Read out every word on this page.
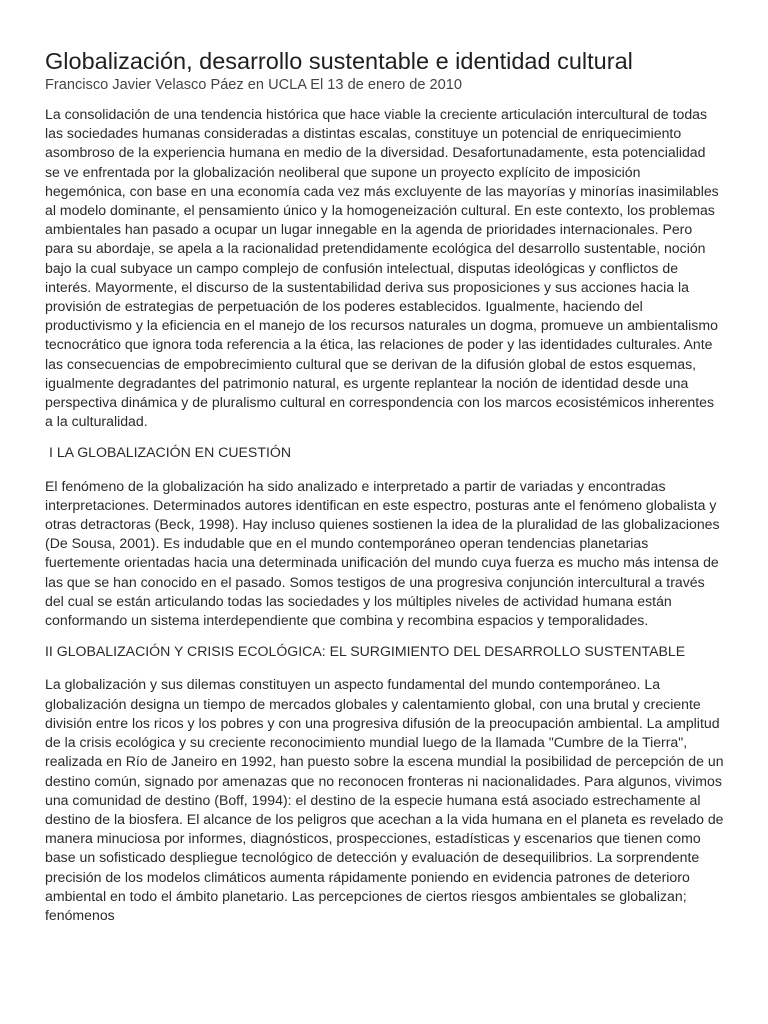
Globalización, desarrollo sustentable e identidad cultural
Francisco Javier Velasco Páez en UCLA El 13 de enero de 2010

La consolidación de una tendencia histórica que hace viable la creciente articulación intercultural de todas las sociedades humanas consideradas a distintas escalas, constituye un potencial de enriquecimiento asombroso de la experiencia humana en medio de la diversidad. Desafortunadamente, esta potencialidad se ve enfrentada por la globalización neoliberal que supone un proyecto explícito de imposición hegemónica, con base en una economía cada vez más excluyente de las mayorías y minorías inasimilables al modelo dominante, el pensamiento único y la homogeneización cultural. En este contexto, los problemas ambientales han pasado a ocupar un lugar innegable en la agenda de prioridades internacionales. Pero para su abordaje, se apela a la racionalidad pretendidamente ecológica del desarrollo sustentable, noción bajo la cual subyace un campo complejo de confusión intelectual, disputas ideológicas y conflictos de interés. Mayormente, el discurso de la sustentabilidad deriva sus proposiciones y sus acciones hacia la provisión de estrategias de perpetuación de los poderes establecidos. Igualmente, haciendo del productivismo y la eficiencia en el manejo de los recursos naturales un dogma, promueve un ambientalismo tecnocrático que ignora toda referencia a la ética, las relaciones de poder y las identidades culturales. Ante las consecuencias de empobrecimiento cultural que se derivan de la difusión global de estos esquemas, igualmente degradantes del patrimonio natural, es urgente replantear la noción de identidad desde una perspectiva dinámica y de pluralismo cultural en correspondencia con los marcos ecosistémicos inherentes a la culturalidad.

I LA GLOBALIZACIÓN EN CUESTIÓN

El fenómeno de la globalización ha sido analizado e interpretado a partir de variadas y encontradas interpretaciones. Determinados autores identifican en este espectro, posturas ante el fenómeno globalista y otras detractoras (Beck, 1998). Hay incluso quienes sostienen la idea de la pluralidad de las globalizaciones (De Sousa, 2001). Es indudable que en el mundo contemporáneo operan tendencias planetarias fuertemente orientadas hacia una determinada unificación del mundo cuya fuerza es mucho más intensa de las que se han conocido en el pasado. Somos testigos de una progresiva conjunción intercultural a través del cual se están articulando todas las sociedades y los múltiples niveles de actividad humana están conformando un sistema interdependiente que combina y recombina espacios y temporalidades.

II GLOBALIZACIÓN Y CRISIS ECOLÓGICA: EL SURGIMIENTO DEL DESARROLLO SUSTENTABLE

La globalización y sus dilemas constituyen un aspecto fundamental del mundo contemporáneo. La globalización designa un tiempo de mercados globales y calentamiento global, con una brutal y creciente división entre los ricos y los pobres y con una progresiva difusión de la preocupación ambiental. La amplitud de la crisis ecológica y su creciente reconocimiento mundial luego de la llamada "Cumbre de la Tierra", realizada en Río de Janeiro en 1992, han puesto sobre la escena mundial la posibilidad de percepción de un destino común, signado por amenazas que no reconocen fronteras ni nacionalidades. Para algunos, vivimos una comunidad de destino (Boff, 1994): el destino de la especie humana está asociado estrechamente al destino de la biosfera. El alcance de los peligros que acechan a la vida humana en el planeta es revelado de manera minuciosa por informes, diagnósticos, prospecciones, estadísticas y escenarios que tienen como base un sofisticado despliegue tecnológico de detección y evaluación de desequilibrios. La sorprendente precisión de los modelos climáticos aumenta rápidamente poniendo en evidencia patrones de deterioro ambiental en todo el ámbito planetario. Las percepciones de ciertos riesgos ambientales se globalizan; fenómenos
